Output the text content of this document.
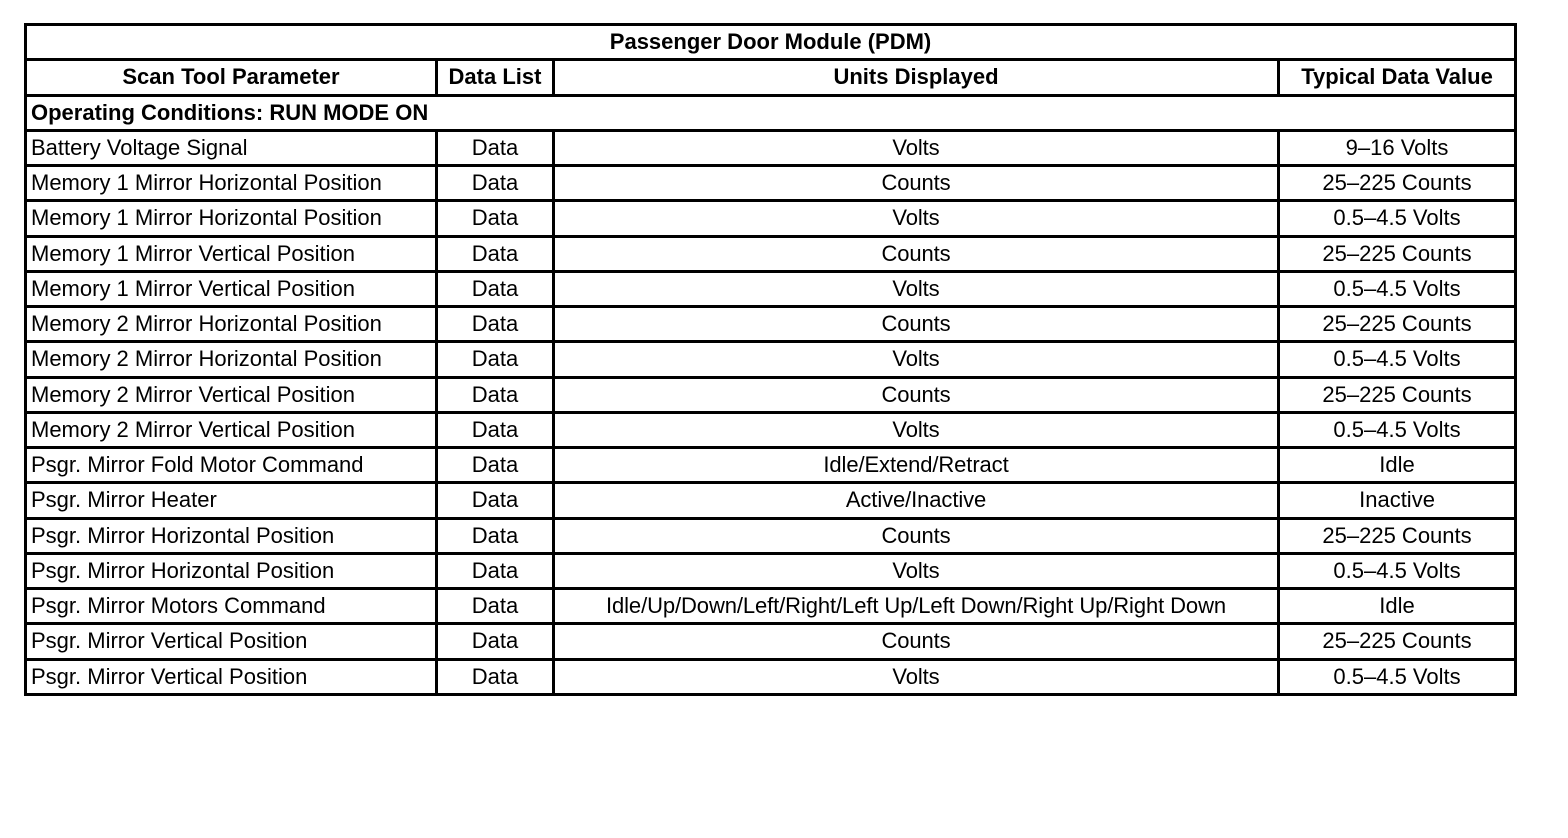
Passenger Door Module (PDM)			
Scan Tool Parameter	Data List	Units Displayed	Typical Data Value
Operating Conditions: RUN MODE ON			
Battery Voltage Signal	Data	Volts	9–16 Volts
Memory 1 Mirror Horizontal Position	Data	Counts	25–225 Counts
Memory 1 Mirror Horizontal Position	Data	Volts	0.5–4.5 Volts
Memory 1 Mirror Vertical Position	Data	Counts	25–225 Counts
Memory 1 Mirror Vertical Position	Data	Volts	0.5–4.5 Volts
Memory 2 Mirror Horizontal Position	Data	Counts	25–225 Counts
Memory 2 Mirror Horizontal Position	Data	Volts	0.5–4.5 Volts
Memory 2 Mirror Vertical Position	Data	Counts	25–225 Counts
Memory 2 Mirror Vertical Position	Data	Volts	0.5–4.5 Volts
Psgr. Mirror Fold Motor Command	Data	Idle/Extend/Retract	Idle
Psgr. Mirror Heater	Data	Active/Inactive	Inactive
Psgr. Mirror Horizontal Position	Data	Counts	25–225 Counts
Psgr. Mirror Horizontal Position	Data	Volts	0.5–4.5 Volts
Psgr. Mirror Motors Command	Data	Idle/Up/Down/Left/Right/Left Up/Left Down/Right Up/Right Down	Idle
Psgr. Mirror Vertical Position	Data	Counts	25–225 Counts
Psgr. Mirror Vertical Position	Data	Volts	0.5–4.5 Volts
